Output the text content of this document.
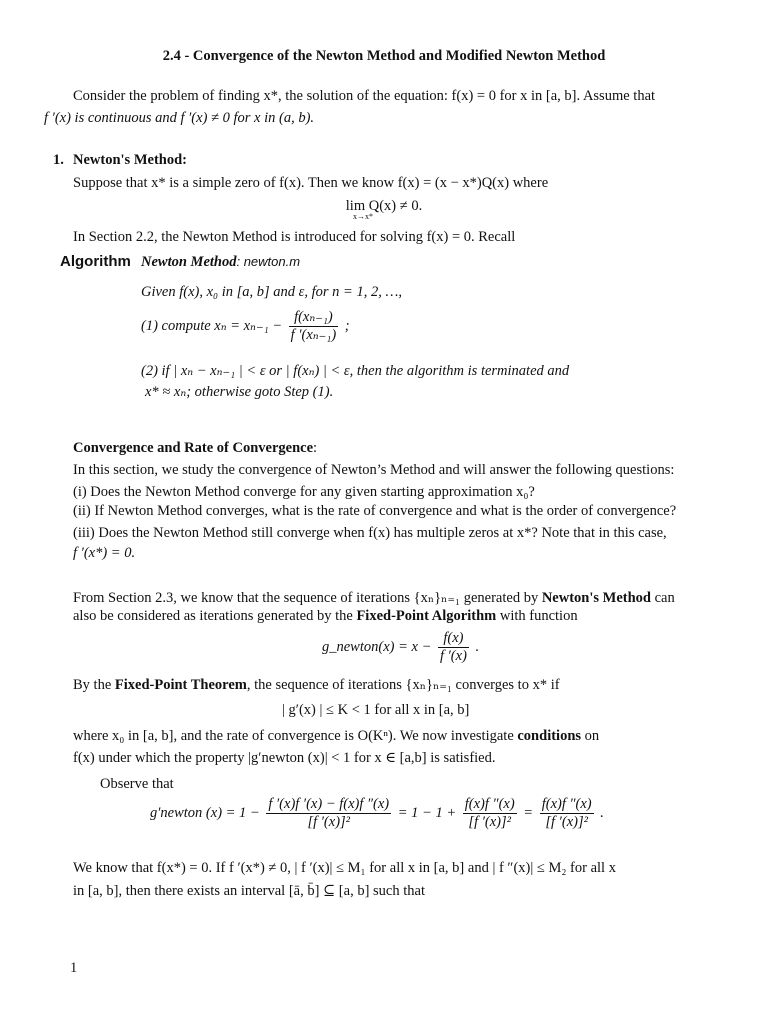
2.4 - Convergence of the Newton Method and Modified Newton Method
Consider the problem of finding x*, the solution of the equation: f(x) = 0 for x in [a, b]. Assume that
f ′(x) is continuous and f ′(x) ≠ 0 for x in (a, b).
1. Newton's Method:
Suppose that x* is a simple zero of f(x). Then we know f(x) = (x − x*)Q(x) where
lim Q(x) ≠ 0.
x→x*
In Section 2.2, the Newton Method is introduced for solving f(x) = 0. Recall
Algorithm Newton Method: newton.m
Given f(x), x₀ in [a, b] and ε, for n = 1, 2, …,
(1) compute $x_n = x_{n-1} - \frac{\text{f(xₙ₋₁)}}{\text{f ′(xₙ₋₁)}}$ ;
(2) if | xₙ − xₙ₋₁ | < ε or | f(xₙ) | < ε, then the algorithm is terminated and
x* ≈ xₙ; otherwise goto Step (1).
Convergence and Rate of Convergence:
In this section, we study the convergence of Newton’s Method and will answer the following questions:
(i) Does the Newton Method converge for any given starting approximation x₀?
(ii) If Newton Method converges, what is the rate of convergence and what is the order of convergence?
(iii) Does the Newton Method still converge when f(x) has multiple zeros at x*? Note that in this case,
f ′(x*) = 0.
From Section 2.3, we know that the sequence of iterations {xₙ}ₙ₌₁ generated by Newton's Method can
also be considered as iterations generated by the Fixed-Point Algorithm with function
g_newton(x) = $x - \frac{f(x)}{f '(x)}$ .
By the Fixed-Point Theorem, the sequence of iterations {xₙ}ₙ₌₁ converges to x* if
| g′(x) | ≤ K < 1 for all x in [a, b]
where x₀ in [a, b], and the rate of convergence is O(Kⁿ). We now investigate conditions on
f(x) under which the property |g′newton (x)| < 1 for x ∈ [a,b] is satisfied.
Observe that
g′newton $(x) = 1 - \frac{f '(x)f '(x) - f(x)f ''(x)}{\text{[f ′(x)]²}} = 1 - 1 + \frac{f(x)f ''(x)}{\text{[f ′(x)]²}} = \frac{f(x)f ''(x)}{\text{[f ′(x)]²}}$ .
We know that f(x*) = 0. If f ′(x*) ≠ 0, | f ′(x)| ≤ M₁ for all x in [a, b] and | f ″(x)| ≤ M₂ for all x
in [a, b], then there exists an interval [ā, b̄] ⊆ [a, b] such that
1
